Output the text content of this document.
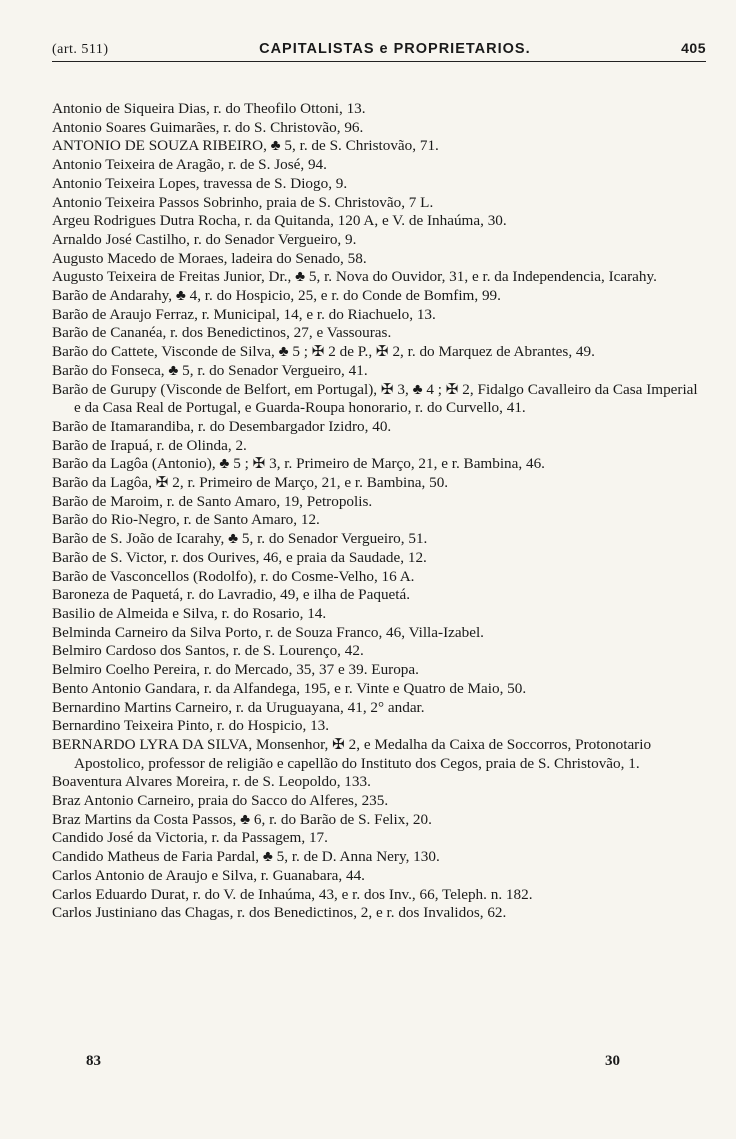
(art. 511)	CAPITALISTAS e PROPRIETARIOS.	405

Antonio de Siqueira Dias, r. do Theofilo Ottoni, 13.

Antonio Soares Guimarães, r. do S. Christovão, 96.

ANTONIO DE SOUZA RIBEIRO, ♣ 5, r. de S. Christovão, 71.

Antonio Teixeira de Aragão, r. de S. José, 94.

Antonio Teixeira Lopes, travessa de S. Diogo, 9.

Antonio Teixeira Passos Sobrinho, praia de S. Christovão, 7 L.

Argeu Rodrigues Dutra Rocha, r. da Quitanda, 120 A, e V. de Inhaúma, 30.

Arnaldo José Castilho, r. do Senador Vergueiro, 9.

Augusto Macedo de Moraes, ladeira do Senado, 58.

Augusto Teixeira de Freitas Junior, Dr., ♣ 5, r. Nova do Ouvidor, 31, e r. da Independencia, Icarahy.

Barão de Andarahy, ♣ 4, r. do Hospicio, 25, e r. do Conde de Bomfim, 99.

Barão de Araujo Ferraz, r. Municipal, 14, e r. do Riachuelo, 13.

Barão de Cananéa, r. dos Benedictinos, 27, e Vassouras.

Barão do Cattete, Visconde de Silva, ♣ 5 ; ✠ 2 de P., ✠ 2, r. do Marquez de Abrantes, 49.

Barão do Fonseca, ♣ 5, r. do Senador Vergueiro, 41.

Barão de Gurupy (Visconde de Belfort, em Portugal), ✠ 3, ♣ 4 ; ✠ 2, Fidalgo Cavalleiro da Casa Imperial e da Casa Real de Portugal, e Guarda-Roupa honorario, r. do Curvello, 41.

Barão de Itamarandiba, r. do Desembargador Izidro, 40.

Barão de Irapuá, r. de Olinda, 2.

Barão da Lagôa (Antonio), ♣ 5 ; ✠ 3, r. Primeiro de Março, 21, e r. Bambina, 46.

Barão da Lagôa, ✠ 2, r. Primeiro de Março, 21, e r. Bambina, 50.

Barão de Maroim, r. de Santo Amaro, 19, Petropolis.

Barão do Rio-Negro, r. de Santo Amaro, 12.

Barão de S. João de Icarahy, ♣ 5, r. do Senador Vergueiro, 51.

Barão de S. Victor, r. dos Ourives, 46, e praia da Saudade, 12.

Barão de Vasconcellos (Rodolfo), r. do Cosme-Velho, 16 A.

Baroneza de Paquetá, r. do Lavradio, 49, e ilha de Paquetá.

Basilio de Almeida e Silva, r. do Rosario, 14.

Belminda Carneiro da Silva Porto, r. de Souza Franco, 46, Villa-Izabel.

Belmiro Cardoso dos Santos, r. de S. Lourenço, 42.

Belmiro Coelho Pereira, r. do Mercado, 35, 37 e 39. Europa.

Bento Antonio Gandara, r. da Alfandega, 195, e r. Vinte e Quatro de Maio, 50.

Bernardino Martins Carneiro, r. da Uruguayana, 41, 2° andar.

Bernardino Teixeira Pinto, r. do Hospicio, 13.

BERNARDO LYRA DA SILVA, Monsenhor, ✠ 2, e Medalha da Caixa de Soccorros, Protonotario Apostolico, professor de religião e capellão do Instituto dos Cegos, praia de S. Christovão, 1.

Boaventura Alvares Moreira, r. de S. Leopoldo, 133.

Braz Antonio Carneiro, praia do Sacco do Alferes, 235.

Braz Martins da Costa Passos, ♣ 6, r. do Barão de S. Felix, 20.

Candido José da Victoria, r. da Passagem, 17.

Candido Matheus de Faria Pardal, ♣ 5, r. de D. Anna Nery, 130.

Carlos Antonio de Araujo e Silva, r. Guanabara, 44.

Carlos Eduardo Durat, r. do V. de Inhaúma, 43, e r. dos Inv., 66, Teleph. n. 182.

Carlos Justiniano das Chagas, r. dos Benedictinos, 2, e r. dos Invalidos, 62.

83	30
